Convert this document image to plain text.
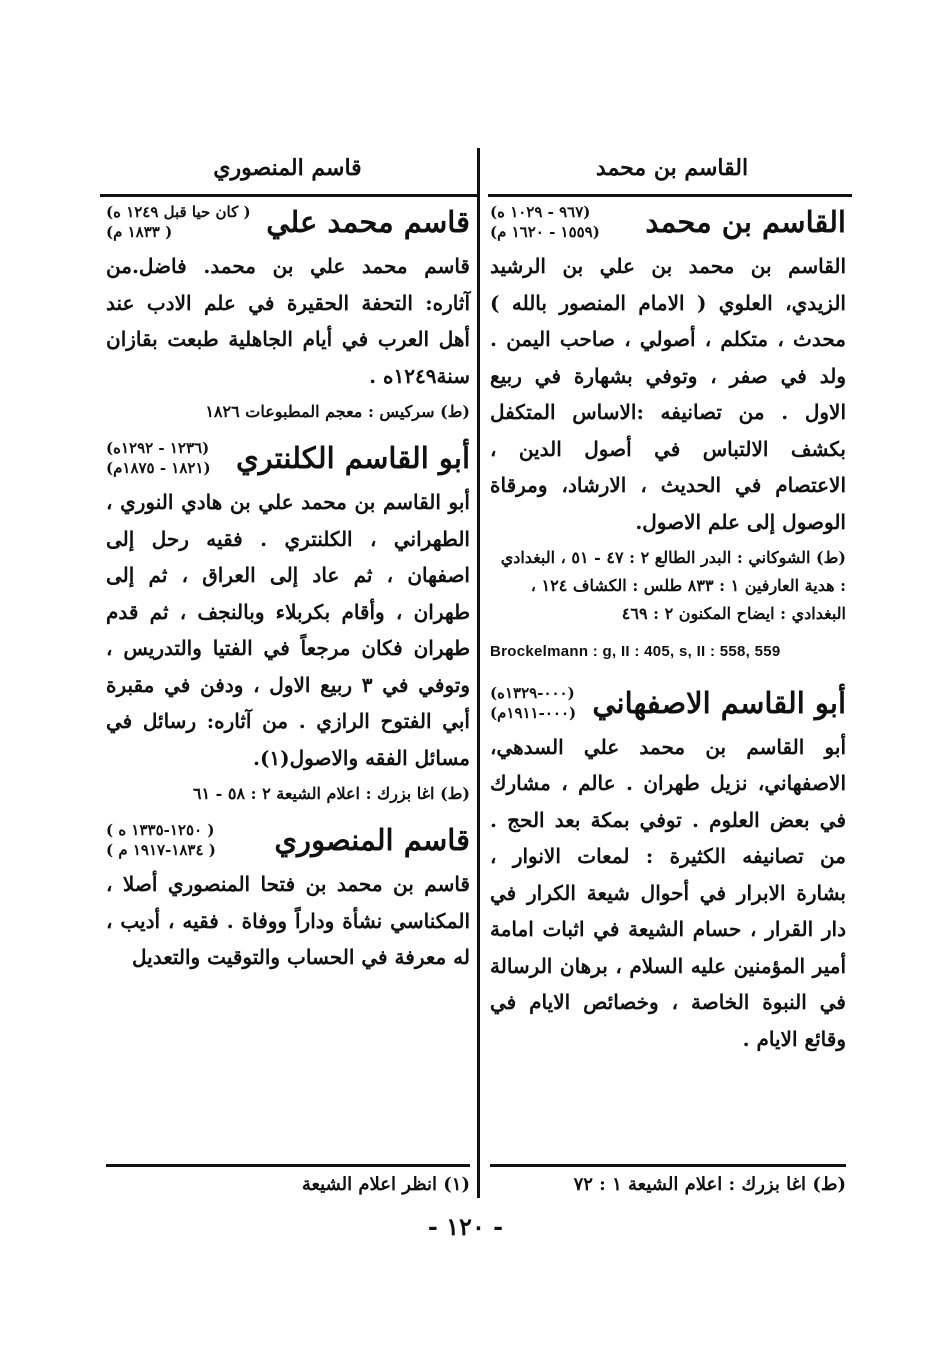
القاسم بن محمد
قاسم المنصوري
القاسم بن محمد
(٩٦٧ - ١٠٢٩ ه)
(١٥٥٩ - ١٦٢٠ م)
القاسم بن محمد بن علي بن الرشيد الزيدي، العلوي ( الامام المنصور بالله ) محدث ، متكلم ، أصولي ، صاحب اليمن . ولد في صفر ، وتوفي بشهارة في ربيع الاول . من تصانيفه :الاساس المتكفل بكشف الالتباس في أصول الدين ، الاعتصام في الحديث ، الارشاد، ومرقاة الوصول إلى علم الاصول.
(ط) الشوكاني : البدر الطالع ٢ : ٤٧ - ٥١ ، البغدادي : هدية العارفين ١ : ٨٣٣ طلس : الكشاف ١٢٤ ، البغدادي : ايضاح المكنون ٢ : ٤٦٩
Brockelmann : g, II : 405, s, II : 558, 559
أبو القاسم الاصفهاني
(٠٠٠-١٣٢٩ه)
(٠٠٠-١٩١١م)
أبو القاسم بن محمد علي السدهي، الاصفهاني، نزيل طهران . عالم ، مشارك في بعض العلوم . توفي بمكة بعد الحج . من تصانيفه الكثيرة : لمعات الانوار ، بشارة الابرار في أحوال شيعة الكرار في دار القرار ، حسام الشيعة في اثبات امامة أمير المؤمنين عليه السلام ، برهان الرسالة في النبوة الخاصة ، وخصائص الايام في وقائع الايام .
قاسم محمد علي
( كان حيا قبل ١٢٤٩ ه)
( ١٨٣٣ م)
قاسم محمد علي بن محمد. فاضل.من آثاره: التحفة الحقيرة في علم الادب عند أهل العرب في أيام الجاهلية طبعت بقازان سنة١٢٤٩ه .
(ط) سركيس : معجم المطبوعات ١٨٢٦
أبو القاسم الكلنتري
(١٢٣٦ - ١٢٩٢ه)
(١٨٢١ - ١٨٧٥م)
أبو القاسم بن محمد علي بن هادي النوري ، الطهراني ، الكلنتري . فقيه رحل إلى اصفهان ، ثم عاد إلى العراق ، ثم إلى طهران ، وأقام بكربلاء وبالنجف ، ثم قدم طهران فكان مرجعاً في الفتيا والتدريس ، وتوفي في ٣ ربيع الاول ، ودفن في مقبرة أبي الفتوح الرازي . من آثاره: رسائل في مسائل الفقه والاصول(١).
(ط) اغا بزرك : اعلام الشيعة ٢ : ٥٨ - ٦١
قاسم المنصوري
( ١٢٥٠-١٣٣٥ ه )
( ١٨٣٤-١٩١٧ م )
قاسم بن محمد بن فتحا المنصوري أصلا ، المكناسي نشأة وداراً ووفاة . فقيه ، أديب ، له معرفة في الحساب والتوقيت والتعديل
(١) انظر اعلام الشيعة	(ط) اغا بزرك : اعلام الشيعة ١ : ٧٢
- ١٢٠ -
